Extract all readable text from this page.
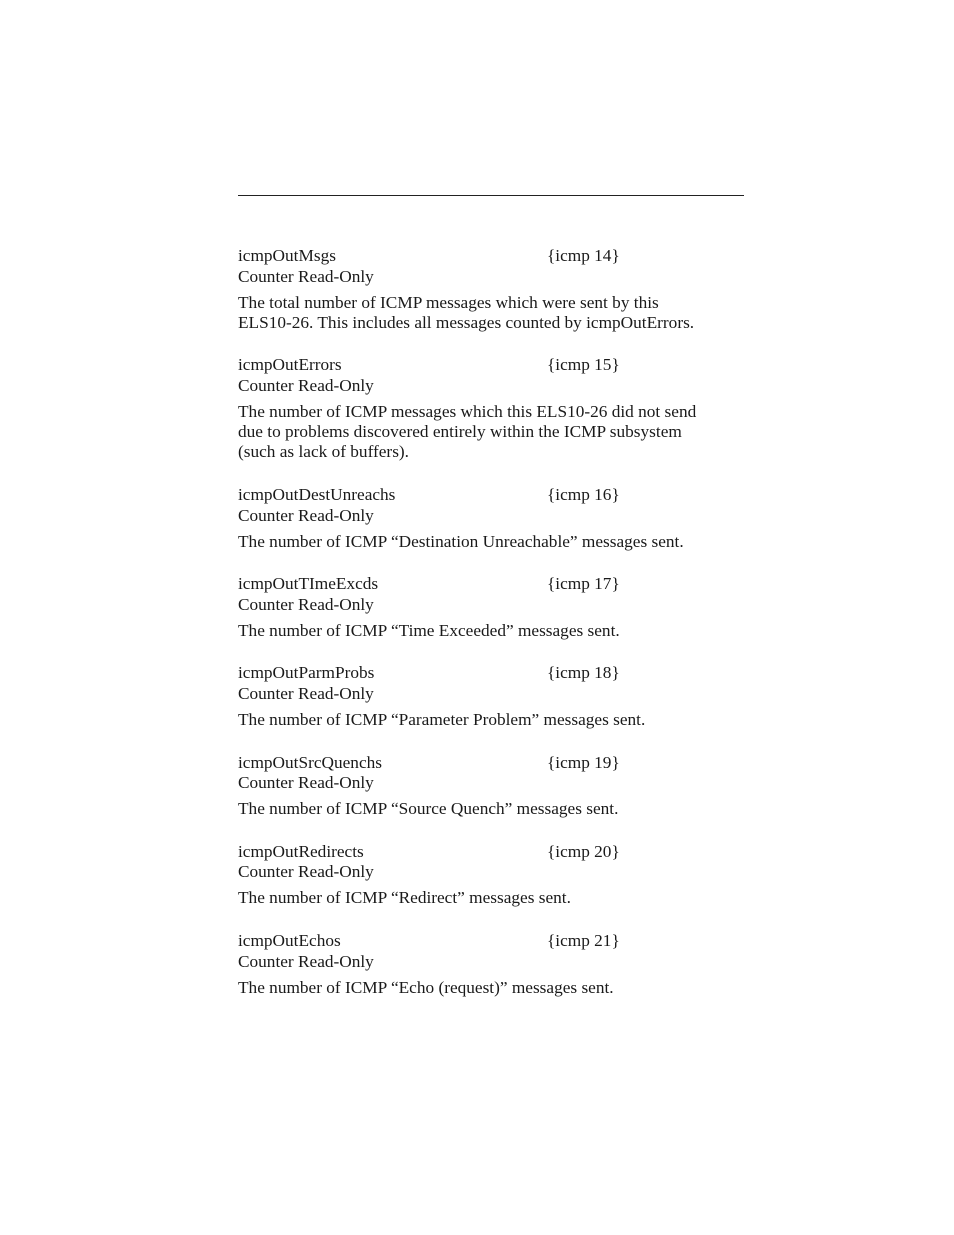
icmpOutMsgs	{icmp 14}
Counter Read-Only
The total number of ICMP messages which were sent by this
ELS10-26. This includes all messages counted by icmpOutErrors.
icmpOutErrors	{icmp 15}
Counter Read-Only
The number of ICMP messages which this ELS10-26 did not send
due to problems discovered entirely within the ICMP subsystem
(such as lack of buffers).
icmpOutDestUnreachs	{icmp 16}
Counter Read-Only
The number of ICMP “Destination Unreachable” messages sent.
icmpOutTImeExcds	{icmp 17}
Counter Read-Only
The number of ICMP “Time Exceeded” messages sent.
icmpOutParmProbs	{icmp 18}
Counter Read-Only
The number of ICMP “Parameter Problem” messages sent.
icmpOutSrcQuenchs	{icmp 19}
Counter Read-Only
The number of ICMP “Source Quench” messages sent.
icmpOutRedirects	{icmp 20}
Counter Read-Only
The number of ICMP “Redirect” messages sent.
icmpOutEchos	{icmp 21}
Counter Read-Only
The number of ICMP “Echo (request)” messages sent.
